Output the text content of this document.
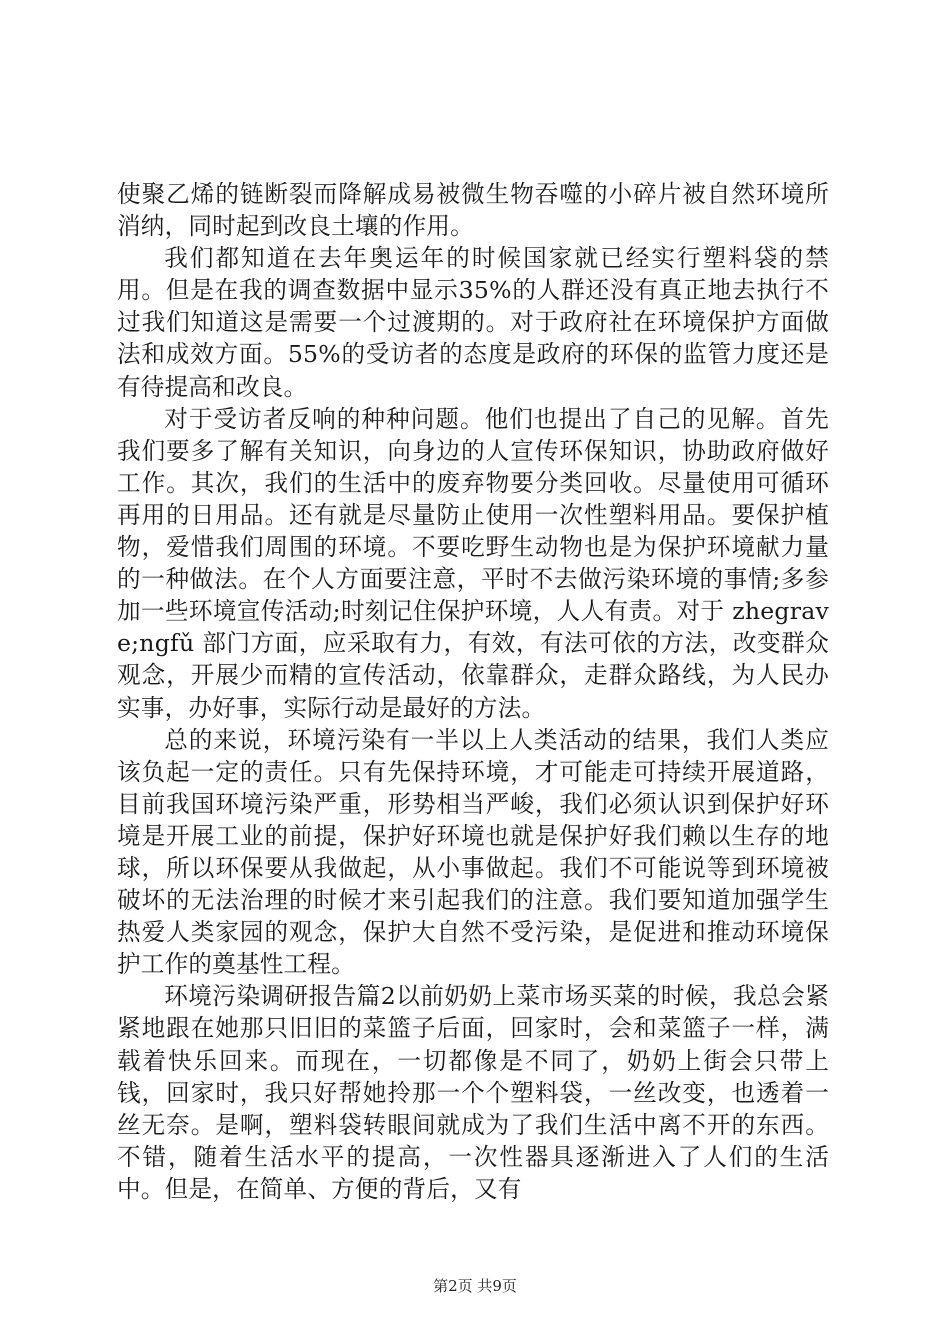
使聚乙烯的链断裂而降解成易被微生物吞噬的小碎片被自然环境所消纳，同时起到改良土壤的作用。

我们都知道在去年奥运年的时候国家就已经实行塑料袋的禁用。但是在我的调查数据中显示35%的人群还没有真正地去执行不过我们知道这是需要一个过渡期的。对于政府社在环境保护方面做法和成效方面。55%的受访者的态度是政府的环保的监管力度还是有待提高和改良。

对于受访者反响的种种问题。他们也提出了自己的见解。首先我们要多了解有关知识，向身边的人宣传环保知识，协助政府做好工作。其次，我们的生活中的废弃物要分类回收。尽量使用可循环再用的日用品。还有就是尽量防止使用一次性塑料用品。要保护植物，爱惜我们周围的环境。不要吃野生动物也是为保护环境献力量的一种做法。在个人方面要注意，平时不去做污染环境的事情;多参加一些环境宣传活动;时刻记住保护环境，人人有责。对于 zhegrave;ngfǔ 部门方面，应采取有力，有效，有法可依的方法，改变群众观念，开展少而精的宣传活动，依靠群众，走群众路线，为人民办实事，办好事，实际行动是最好的方法。

总的来说，环境污染有一半以上人类活动的结果，我们人类应该负起一定的责任。只有先保持环境，才可能走可持续开展道路，目前我国环境污染严重，形势相当严峻，我们必须认识到保护好环境是开展工业的前提，保护好环境也就是保护好我们赖以生存的地球，所以环保要从我做起，从小事做起。我们不可能说等到环境被破坏的无法治理的时候才来引起我们的注意。我们要知道加强学生热爱人类家园的观念，保护大自然不受污染，是促进和推动环境保护工作的奠基性工程。

环境污染调研报告篇2以前奶奶上菜市场买菜的时候，我总会紧紧地跟在她那只旧旧的菜篮子后面，回家时，会和菜篮子一样，满载着快乐回来。而现在，一切都像是不同了，奶奶上街会只带上钱，回家时，我只好帮她拎那一个个塑料袋，一丝改变，也透着一丝无奈。是啊，塑料袋转眼间就成为了我们生活中离不开的东西。不错，随着生活水平的提高，一次性器具逐渐进入了人们的生活中。但是，在简单、方便的背后，又有

第2页 共9页
